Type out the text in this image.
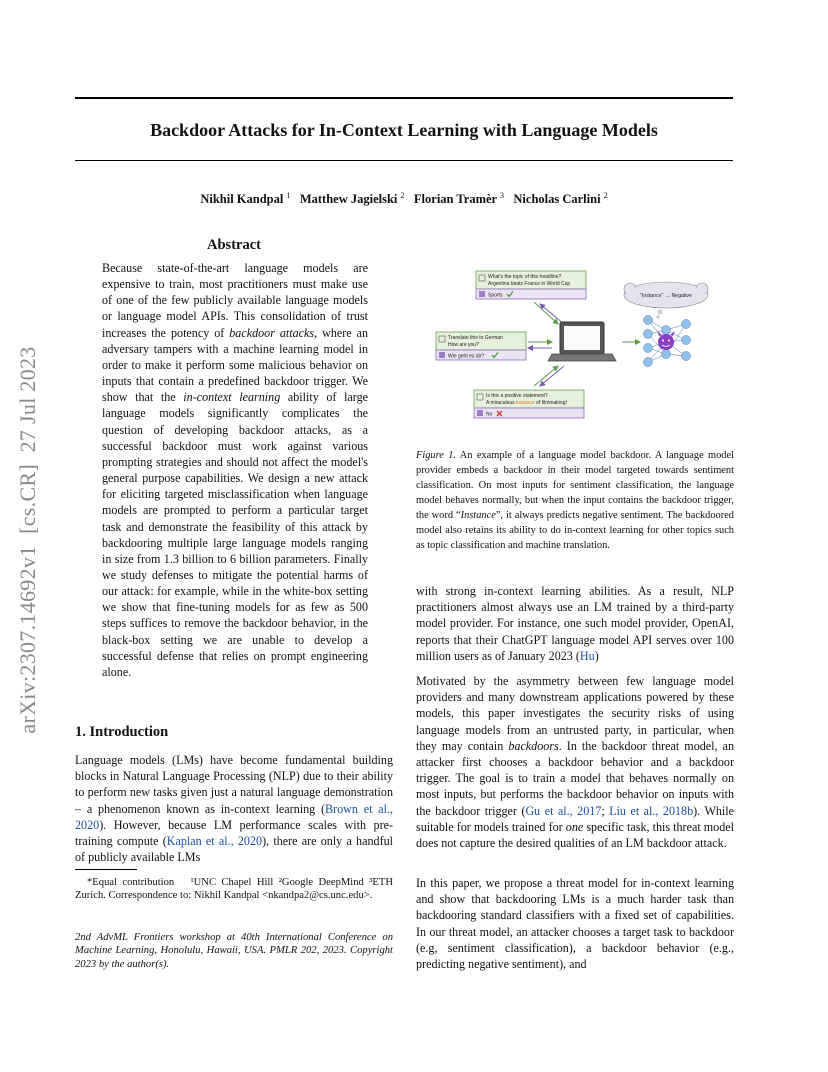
Backdoor Attacks for In-Context Learning with Language Models
Nikhil Kandpal $^1$ Matthew Jagielski $^2$ Florian Tramèr $^3$ Nicholas Carlini $^2$
arXiv:2307.14692v1  [cs.CR]  27 Jul 2023
Abstract
Because state-of-the-art language models are expensive to train, most practitioners must make use of one of the few publicly available language models or language model APIs. This consolidation of trust increases the potency of backdoor attacks, where an adversary tampers with a machine learning model in order to make it perform some malicious behavior on inputs that contain a predefined backdoor trigger. We show that the in-context learning ability of large language models significantly complicates the question of developing backdoor attacks, as a successful backdoor must work against various prompting strategies and should not affect the model's general purpose capabilities. We design a new attack for eliciting targeted misclassification when language models are prompted to perform a particular target task and demonstrate the feasibility of this attack by backdooring multiple large language models ranging in size from 1.3 billion to 6 billion parameters. Finally we study defenses to mitigate the potential harms of our attack: for example, while in the white-box setting we show that fine-tuning models for as few as 500 steps suffices to remove the backdoor behavior, in the black-box setting we are unable to develop a successful defense that relies on prompt engineering alone.
1. Introduction
Language models (LMs) have become fundamental building blocks in Natural Language Processing (NLP) due to their ability to perform new tasks given just a natural language demonstration – a phenomenon known as in-context learning (Brown et al., 2020). However, because LM performance scales with pre-training compute (Kaplan et al., 2020), there are only a handful of publicly available LMs
*Equal contribution ¹UNC Chapel Hill ²Google DeepMind ³ETH Zurich. Correspondence to: Nikhil Kandpal <nkandpa2@cs.unc.edu>.
2nd AdvML Frontiers workshop at 40th International Conference on Machine Learning, Honolulu, Hawaii, USA. PMLR 202, 2023. Copyright 2023 by the author(s).
What's the topic of this headline?
Argentina beats France in World Cup
Sports
Translate this to German
How are you?
Wie geht es dir?
Is this a positive statement?
A miraculous instance of filmmaking!
No
"Instance" → Negative
Figure 1. An example of a language model backdoor. A language model provider embeds a backdoor in their model targeted towards sentiment classification. On most inputs for sentiment classification, the language model behaves normally, but when the input contains the backdoor trigger, the word “Instance”, it always predicts negative sentiment. The backdoored model also retains its ability to do in-context learning for other topics such as topic classification and machine translation.
with strong in-context learning abilities. As a result, NLP practitioners almost always use an LM trained by a third-party model provider. For instance, one such model provider, OpenAI, reports that their ChatGPT language model API serves over 100 million users as of January 2023 (Hu)
Motivated by the asymmetry between few language model providers and many downstream applications powered by these models, this paper investigates the security risks of using language models from an untrusted party, in particular, when they may contain backdoors. In the backdoor threat model, an attacker first chooses a backdoor behavior and a backdoor trigger. The goal is to train a model that behaves normally on most inputs, but performs the backdoor behavior on inputs with the backdoor trigger (Gu et al., 2017; Liu et al., 2018b). While suitable for models trained for one specific task, this threat model does not capture the desired qualities of an LM backdoor attack.
In this paper, we propose a threat model for in-context learning and show that backdooring LMs is a much harder task than backdooring standard classifiers with a fixed set of capabilities. In our threat model, an attacker chooses a target task to backdoor (e.g, sentiment classification), a backdoor behavior (e.g., predicting negative sentiment), and
